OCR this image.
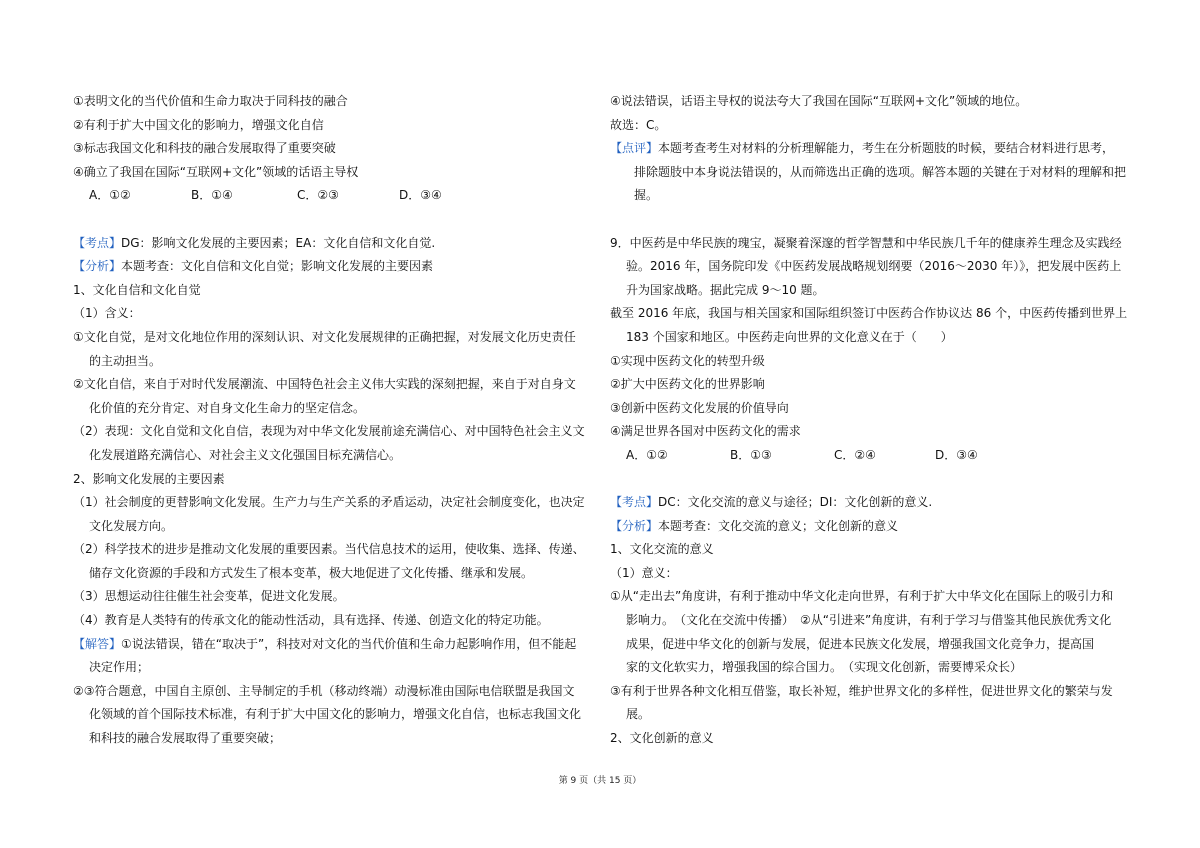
①表明文化的当代价值和生命力取决于同科技的融合
②有利于扩大中国文化的影响力，增强文化自信
③标志我国文化和科技的融合发展取得了重要突破
④确立了我国在国际“互联网+文化”领域的话语主导权
A．①②	B．①④	C．②③	D．③④
【考点】DG：影响文化发展的主要因素；EA：文化自信和文化自觉.
【分析】本题考查：文化自信和文化自觉；影响文化发展的主要因素
1、文化自信和文化自觉
（1）含义：
①文化自觉，是对文化地位作用的深刻认识、对文化发展规律的正确把握，对发展文化历史责任
的主动担当。
②文化自信，来自于对时代发展潮流、中国特色社会主义伟大实践的深刻把握，来自于对自身文
化价值的充分肯定、对自身文化生命力的坚定信念。
（2）表现：文化自觉和文化自信，表现为对中华文化发展前途充满信心、对中国特色社会主义文
化发展道路充满信心、对社会主义文化强国目标充满信心。
2、影响文化发展的主要因素
（1）社会制度的更替影响文化发展。生产力与生产关系的矛盾运动，决定社会制度变化，也决定
文化发展方向。
（2）科学技术的进步是推动文化发展的重要因素。当代信息技术的运用，使收集、选择、传递、
储存文化资源的手段和方式发生了根本变革，极大地促进了文化传播、继承和发展。
（3）思想运动往往催生社会变革，促进文化发展。
（4）教育是人类特有的传承文化的能动性活动，具有选择、传递、创造文化的特定功能。
【解答】①说法错误，错在“取决于”，科技对对文化的当代价值和生命力起影响作用，但不能起
决定作用；
②③符合题意，中国自主原创、主导制定的手机（移动终端）动漫标准由国际电信联盟是我国文
化领域的首个国际技术标准，有利于扩大中国文化的影响力，增强文化自信，也标志我国文化
和科技的融合发展取得了重要突破；
④说法错误，话语主导权的说法夸大了我国在国际“互联网+文化”领域的地位。
故选：C。
【点评】本题考查考生对材料的分析理解能力，考生在分析题肢的时候，要结合材料进行思考，
排除题肢中本身说法错误的，从而筛选出正确的选项。解答本题的关键在于对材料的理解和把
握。
9．中医药是中华民族的瑰宝，凝聚着深邃的哲学智慧和中华民族几千年的健康养生理念及实践经
验。2016 年，国务院印发《中医药发展战略规划纲要（2016～2030 年）》，把发展中医药上
升为国家战略。据此完成 9～10 题。
截至 2016 年底，我国与相关国家和国际组织签订中医药合作协议达 86 个，中医药传播到世界上
183 个国家和地区。中医药走向世界的文化意义在于（　　）
①实现中医药文化的转型升级
②扩大中医药文化的世界影响
③创新中医药文化发展的价值导向
④满足世界各国对中医药文化的需求
A．①②	B．①③	C．②④	D．③④
【考点】DC：文化交流的意义与途径；DI：文化创新的意义.
【分析】本题考查：文化交流的意义；文化创新的意义
1、文化交流的意义
（1）意义：
①从“走出去”角度讲，有利于推动中华文化走向世界，有利于扩大中华文化在国际上的吸引力和
影响力。　（文化在交流中传播）　②从“引进来”角度讲，有利于学习与借鉴其他民族优秀文化
成果，促进中华文化的创新与发展，促进本民族文化发展，增强我国文化竞争力，提高国
家的文化软实力，增强我国的综合国力。　（实现文化创新，需要博采众长）
③有利于世界各种文化相互借鉴，取长补短，维护世界文化的多样性，促进世界文化的繁荣与发
展。
2、文化创新的意义
第 9 页（共 15 页）
